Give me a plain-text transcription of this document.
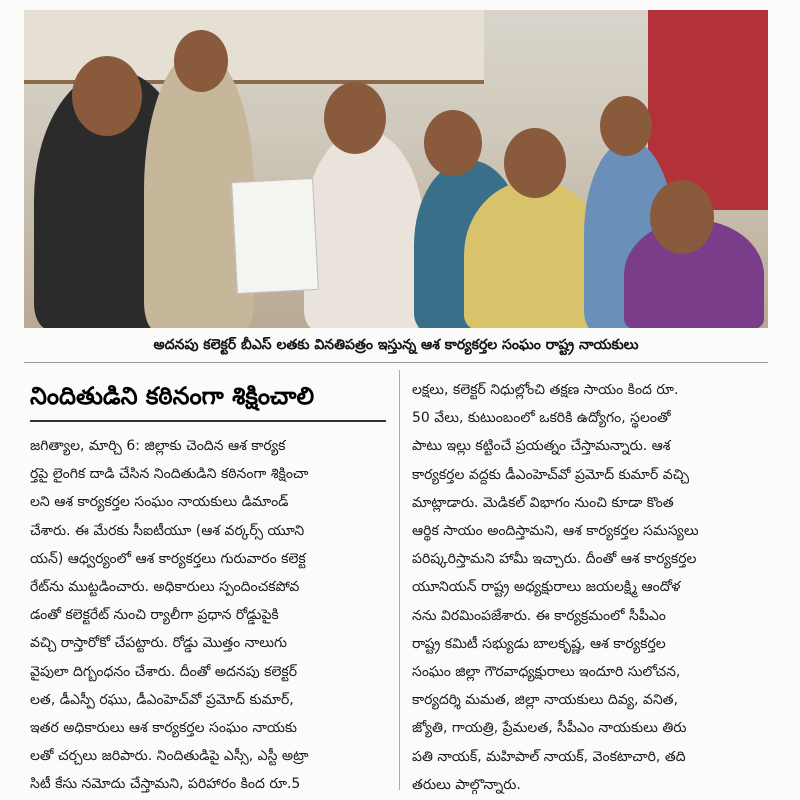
అదనపు కలెక్టర్ బీఎస్ లతకు వినతిపత్రం ఇస్తున్న ఆశ కార్యకర్తల సంఘం రాష్ట్ర నాయకులు
నిందితుడిని కఠినంగా శిక్షించాలి
జగిత్యాల, మార్చి 6: జిల్లాకు చెందిన ఆశ కార్యక
ర్తపై లైంగిక దాడి చేసిన నిందితుడిని కఠినంగా శిక్షించా
లని ఆశ కార్యకర్తల సంఘం నాయకులు డిమాండ్
చేశారు. ఈ మేరకు సీఐటీయూ (ఆశ వర్కర్స్ యూని
యన్) ఆధ్వర్యంలో ఆశ కార్యకర్తలు గురువారం కలెక్ట
రేట్‌ను ముట్టడించారు. అధికారులు స్పందించకపోవ
డంతో కలెక్టరేట్ నుంచి ర్యాలీగా ప్రధాన రోడ్డుపైకి
వచ్చి రాస్తారోకో చేపట్టారు. రోడ్డు మొత్తం నాలుగు
వైపులా దిగ్బంధనం చేశారు. దీంతో అదనపు కలెక్టర్
లత, డీఎస్పీ రఘు, డీఎంహెచ్‌వో ప్రమోద్ కుమార్,
ఇతర అధికారులు ఆశ కార్యకర్తల సంఘం నాయకు
లతో చర్చలు జరిపారు. నిందితుడిపై ఎస్సీ, ఎస్టీ అట్రా
సిటీ కేసు నమోదు చేస్తామని, పరిహారం కింద రూ.5
లక్షలు, కలెక్టర్ నిధుల్లోంచి తక్షణ సాయం కింద రూ.
50 వేలు, కుటుంబంలో ఒకరికి ఉద్యోగం, స్థలంతో
పాటు ఇల్లు కట్టించే ప్రయత్నం చేస్తామన్నారు. ఆశ
కార్యకర్తల వద్దకు డీఎంహెచ్‌వో ప్రమోద్ కుమార్ వచ్చి
మాట్లాడారు. మెడికల్ విభాగం నుంచి కూడా కొంత
ఆర్థిక సాయం అందిస్తామని, ఆశ కార్యకర్తల సమస్యలు
పరిష్కరిస్తామని హామీ ఇచ్చారు. దీంతో ఆశ కార్యకర్తల
యూనియన్ రాష్ట్ర అధ్యక్షురాలు జయలక్ష్మి ఆందోళ
నను విరమింపజేశారు. ఈ కార్యక్రమంలో సీపీఎం
రాష్ట్ర కమిటీ సభ్యుడు బాలకృష్ణ, ఆశ కార్యకర్తల
సంఘం జిల్లా గౌరవాధ్యక్షురాలు ఇందూరి సులోచన,
కార్యదర్శి మమత, జిల్లా నాయకులు దివ్య, వనిత,
జ్యోతి, గాయత్రి, ప్రేమలత, సీపీఎం నాయకులు తిరు
పతి నాయక్, మహిపాల్ నాయక్, వెంకటాచారి, తది
తరులు పాల్గొన్నారు.
